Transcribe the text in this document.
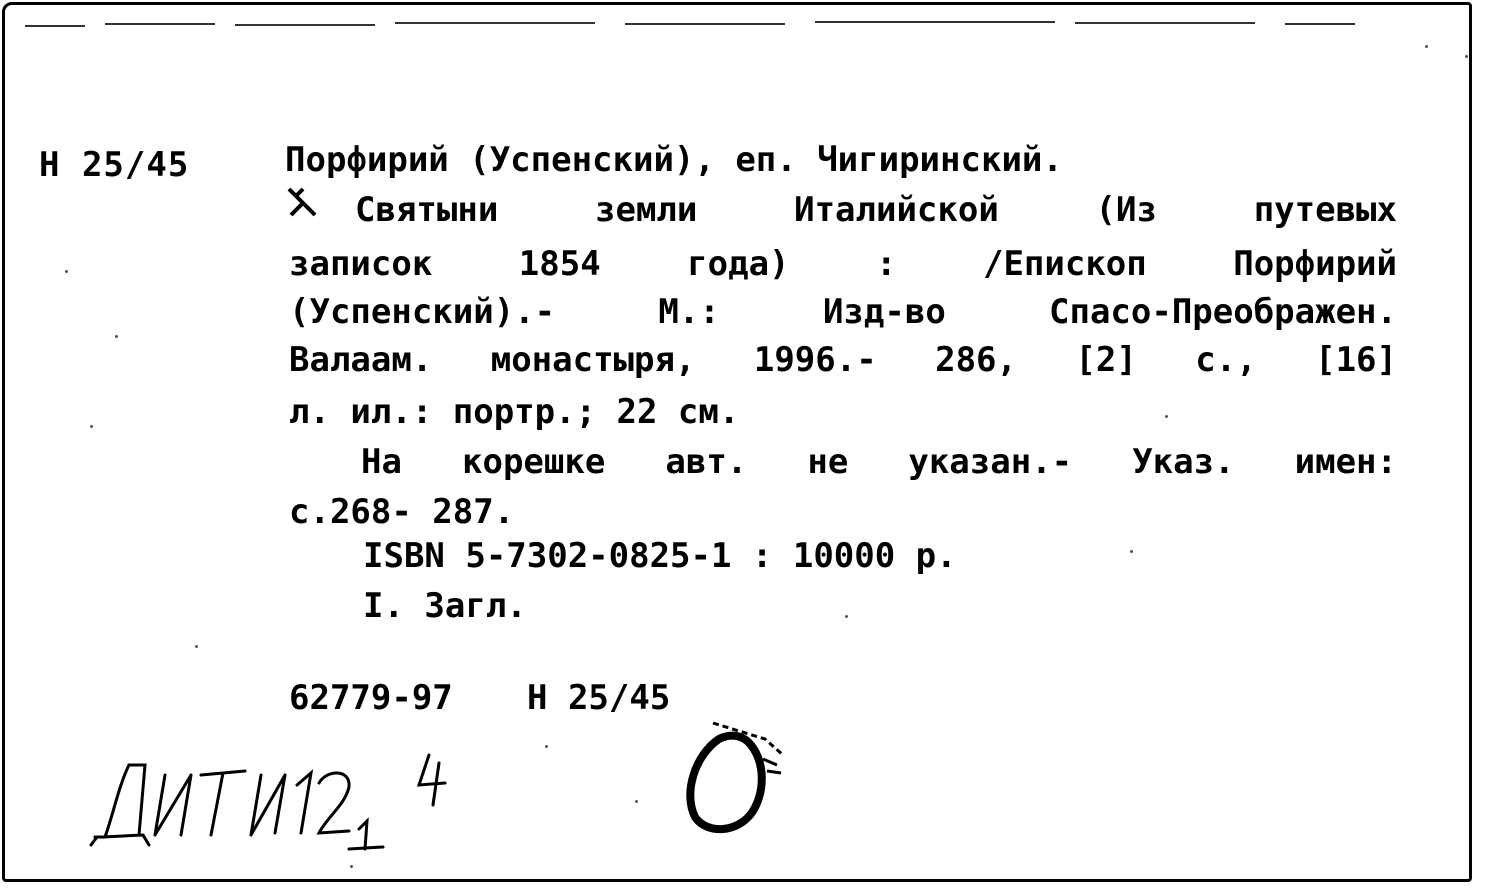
Н 25/45	Порфирий (Успенский), еп. Чигиринский.
Святыни земли Италийской (Из путевых
записок 1854 года) : /Епископ Порфирий
(Успенский).- М.: Изд-во Спасо-Преображен.
Валаам. монастыря, 1996.- 286, [2] с., [16]
л. ил.: портр.; 22 см.
На корешке авт. не указан.- Указ. имен:
с.268- 287.
ISBN 5-7302-0825-1 : 10000 р.
I. Загл.
62779-97 Н 25/45
